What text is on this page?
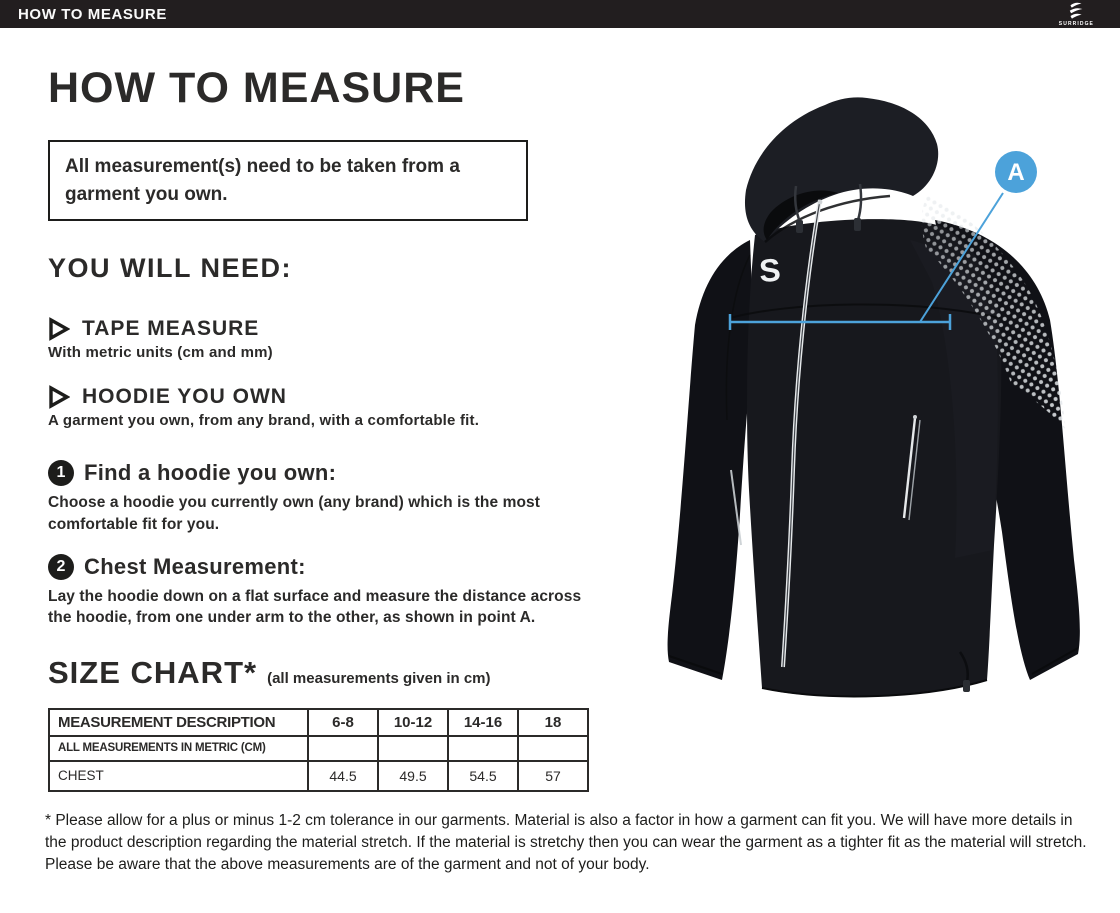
HOW TO MEASURE
SURRIDGE
HOW TO MEASURE
All measurement(s) need to be taken from a garment you own.
YOU WILL NEED:
TAPE MEASURE
With metric units (cm and mm)
HOODIE YOU OWN
A garment you own, from any brand, with a comfortable fit.
1 Find a hoodie you own:
Choose a hoodie you currently own (any brand) which is the most comfortable fit for you.
2 Chest Measurement:
Lay the hoodie down on a flat surface and measure the distance across the hoodie, from one under arm to the other, as shown in point A.
SIZE CHART* (all measurements given in cm)
MEASUREMENT DESCRIPTION	6-8	10-12	14-16	18
ALL MEASUREMENTS IN METRIC (CM)				
CHEST	44.5	49.5	54.5	57
* Please allow for a plus or minus 1-2 cm tolerance in our garments. Material is also a factor in how a garment can fit you. We will have more details in the product description regarding the material stretch. If the material is stretchy then you can wear the garment as a tighter fit as the material will stretch. Please be aware that the above measurements are of the garment and not of your body.
S
A
